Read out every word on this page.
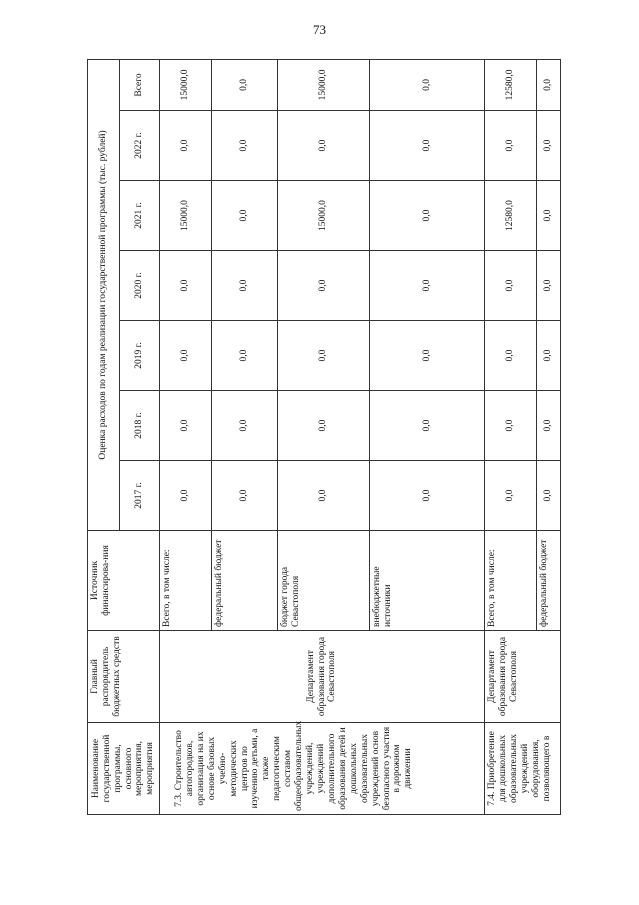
73
Наименование государственной программы, основного мероприятия, мероприятия	Главный распорядитель бюджетных средств	Источник финансирова-ния	Оценка расходов по годам реализации государственной программы (тыс. рублей)						
			2017 г.	2018 г.	2019 г.	2020 г.	2021 г.	2022 г.	Всего
7.3. Строительство автогородков, организация на их основе базовых учебно-методических центров по изучению детьми, а также педагогическим составом общеобразовательных учреждений, учреждений дополнительного образования детей и дошкольных образовательных учреждений основ безопасного участия в дорожном движении	Департамент образования города Севастополя	Всего, в том числе:	0,0	0,0	0,0	0,0	15000,0	0,0	15000,0
		федеральный бюджет	0,0	0,0	0,0	0,0	0,0	0,0	0,0
		бюджет города Севастополя	0,0	0,0	0,0	0,0	15000,0	0,0	15000,0
		внебюджетные источники	0,0	0,0	0,0	0,0	0,0	0,0	0,0
7.4. Приобретение для дошкольных образовательных учреждений оборудования, позволяющего в	Департамент образования города Севастополя	Всего, в том числе:	0,0	0,0	0,0	0,0	12580,0	0,0	12580,0
		федеральный бюджет	0,0	0,0	0,0	0,0	0,0	0,0	0,0
